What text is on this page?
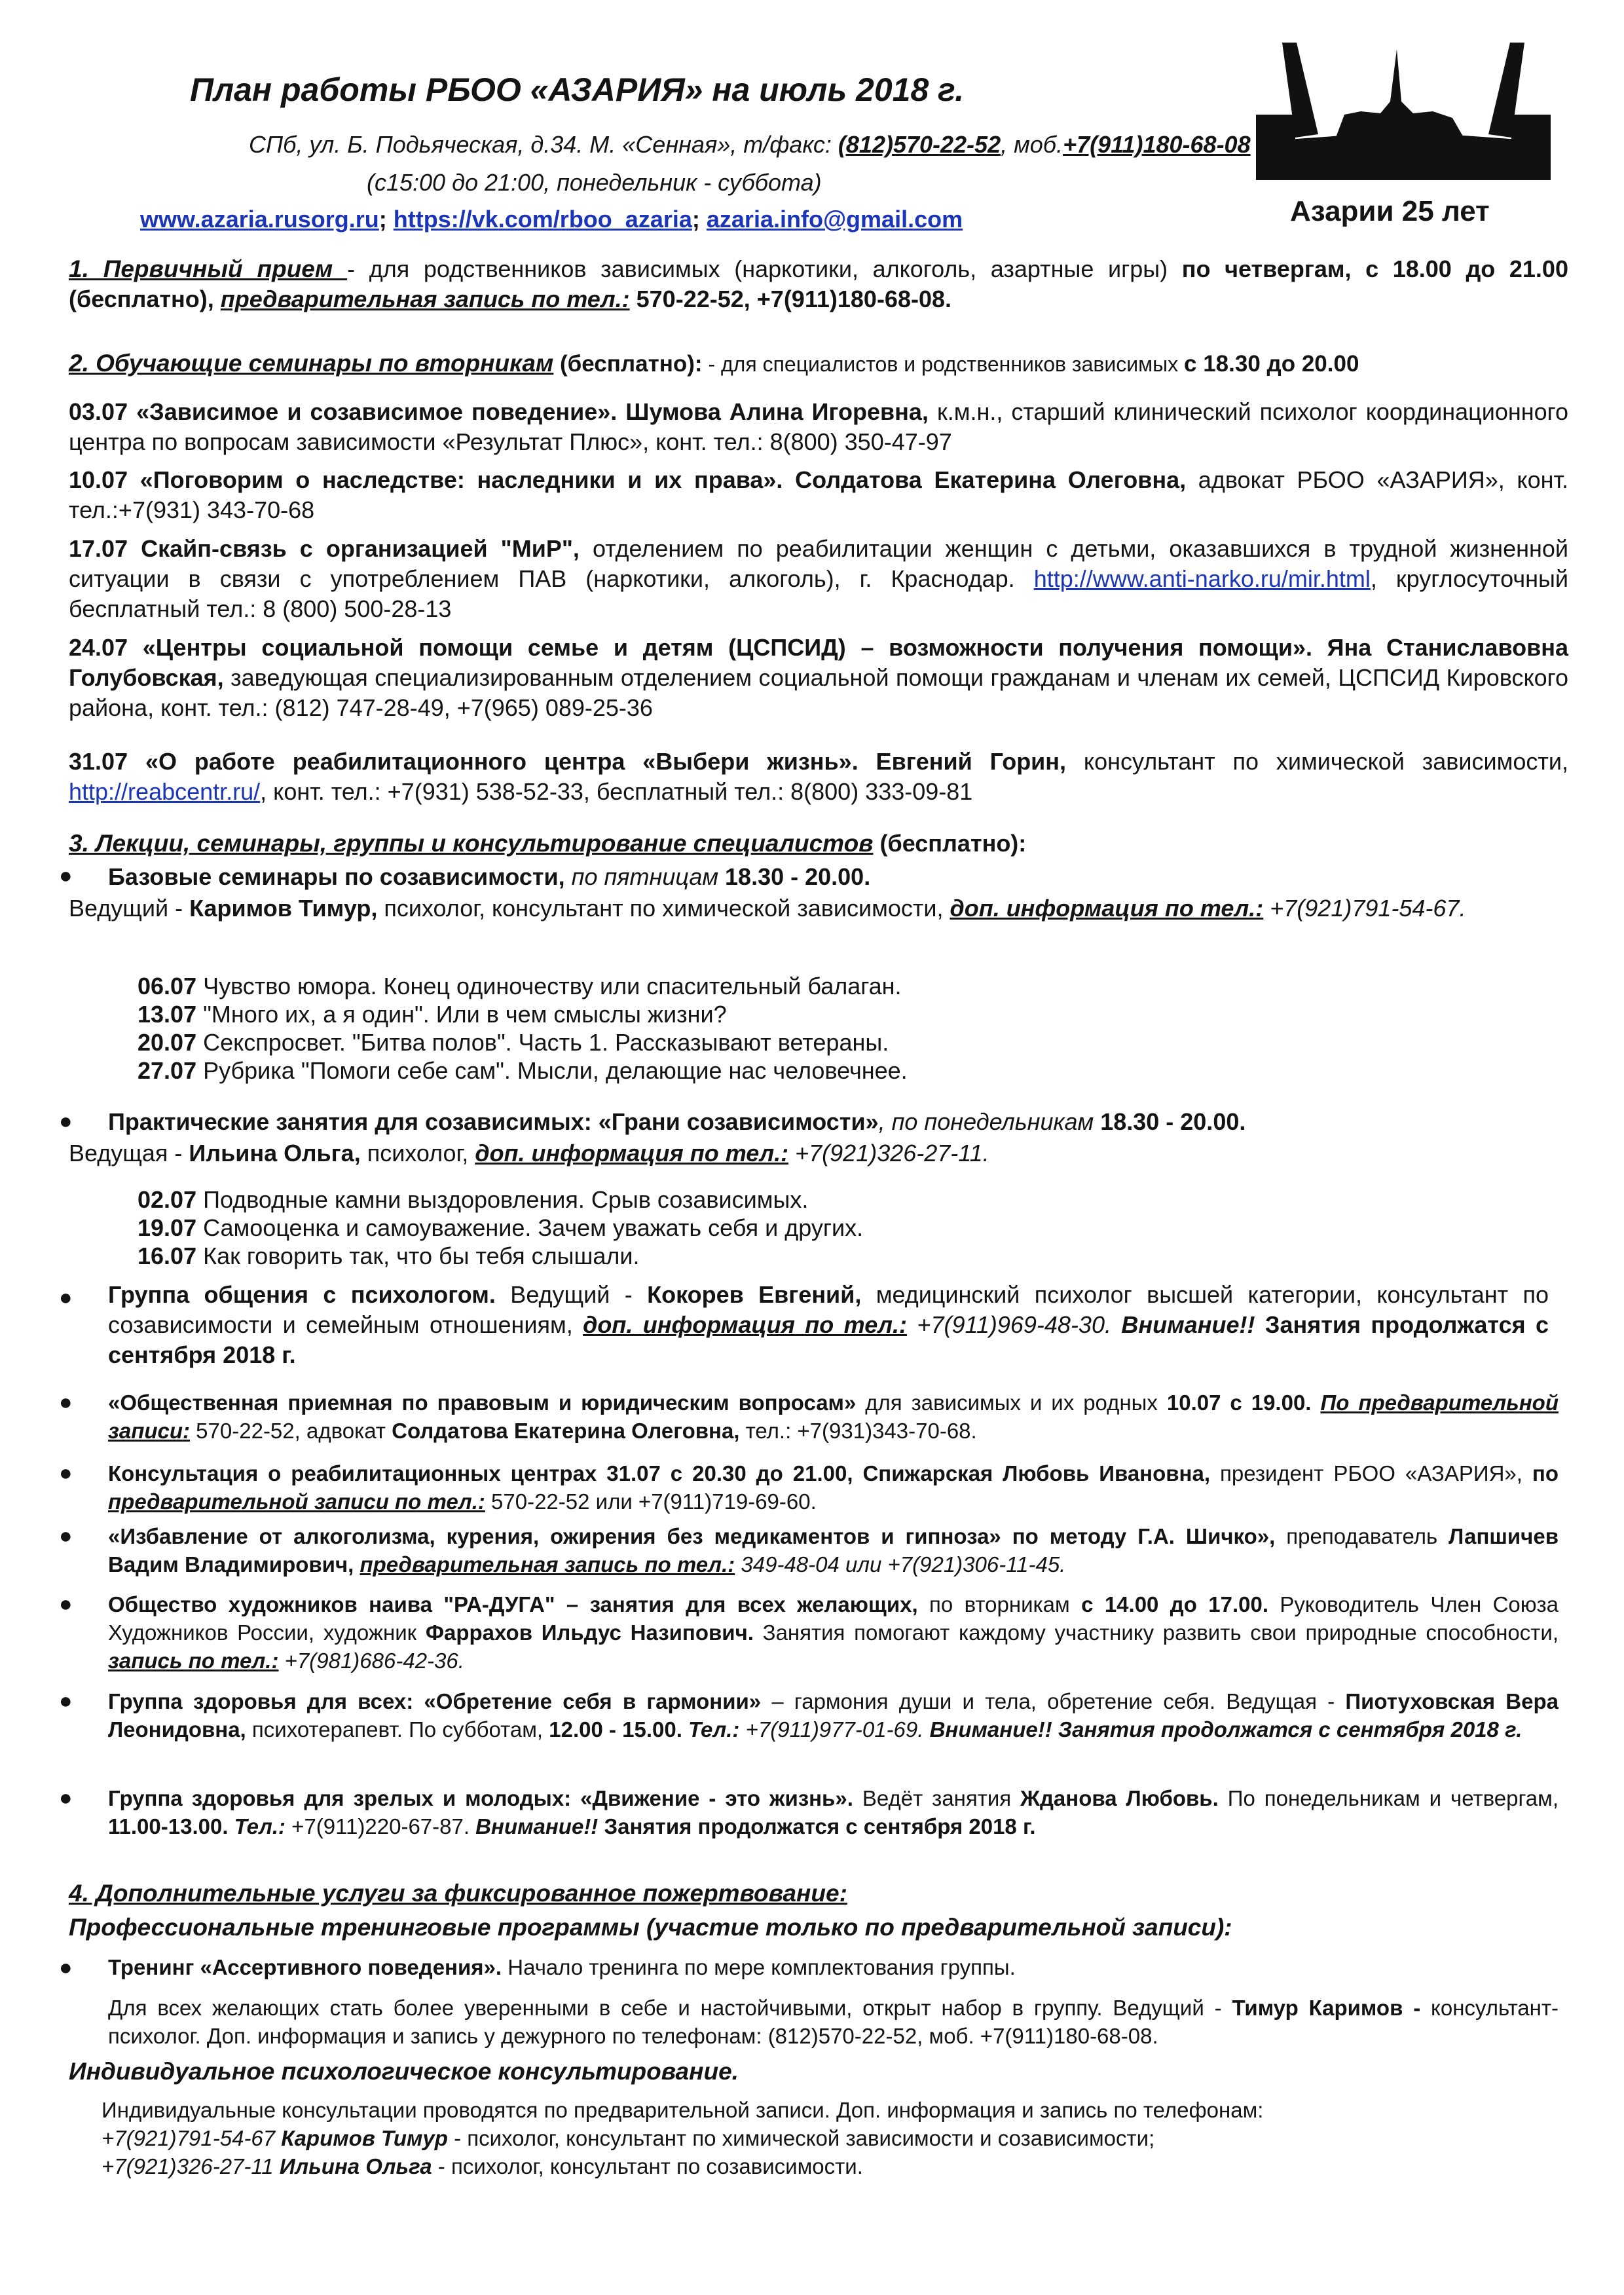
План работы РБОО «АЗАРИЯ» на июль 2018 г.
СПб, ул. Б. Подьяческая, д.34. М. «Сенная», т/факс: (812)570-22-52, моб.+7(911)180-68-08
(с15:00 до 21:00, понедельник - суббота)
www.azaria.rusorg.ru; https://vk.com/rboo_azaria; azaria.info@gmail.com	Азарии 25 лет
1. Первичный прием - для родственников зависимых (наркотики, алкоголь, азартные игры) по четвергам, с 18.00 до 21.00 (бесплатно), предварительная запись по тел.: 570-22-52, +7(911)180-68-08.
2. Обучающие семинары по вторникам (бесплатно): - для специалистов и родственников зависимых с 18.30 до 20.00
03.07 «Зависимое и созависимое поведение». Шумова Алина Игоревна, к.м.н., старший клинический психолог координационного центра по вопросам зависимости «Результат Плюс», конт. тел.: 8(800) 350-47-97
10.07 «Поговорим о наследстве: наследники и их права». Солдатова Екатерина Олеговна, адвокат РБОО «АЗАРИЯ», конт. тел.:+7(931) 343-70-68
17.07 Скайп-связь с организацией "МиР", отделением по реабилитации женщин с детьми, оказавшихся в трудной жизненной ситуации в связи с употреблением ПАВ (наркотики, алкоголь), г. Краснодар. http://www.anti-narko.ru/mir.html, круглосуточный бесплатный тел.: 8 (800) 500-28-13
24.07 «Центры социальной помощи семье и детям (ЦСПСИД) – возможности получения помощи». Яна Станиславовна Голубовская, заведующая специализированным отделением социальной помощи гражданам и членам их семей, ЦСПСИД Кировского района, конт. тел.: (812) 747-28-49, +7(965) 089-25-36
31.07 «О работе реабилитационного центра «Выбери жизнь». Евгений Горин, консультант по химической зависимости, http://reabcentr.ru/, конт. тел.: +7(931) 538-52-33, бесплатный тел.: 8(800) 333-09-81
3. Лекции, семинары, группы и консультирование специалистов (бесплатно):
● Базовые семинары по созависимости, по пятницам 18.30 - 20.00.
Ведущий - Каримов Тимур, психолог, консультант по химической зависимости, доп. информация по тел.: +7(921)791-54-67.
06.07 Чувство юмора. Конец одиночеству или спасительный балаган.
13.07 "Много их, а я один". Или в чем смыслы жизни?
20.07 Секспросвет. "Битва полов". Часть 1. Рассказывают ветераны.
27.07 Рубрика "Помоги себе сам". Мысли, делающие нас человечнее.
● Практические занятия для созависимых: «Грани созависимости», по понедельникам 18.30 - 20.00.
Ведущая - Ильина Ольга, психолог, доп. информация по тел.: +7(921)326-27-11.
02.07 Подводные камни выздоровления. Срыв созависимых.
19.07 Самооценка и самоуважение. Зачем уважать себя и других.
16.07 Как говорить так, что бы тебя слышали.
● Группа общения с психологом. Ведущий - Кокорев Евгений, медицинский психолог высшей категории, консультант по созависимости и семейным отношениям, доп. информация по тел.: +7(911)969-48-30. Внимание!! Занятия продолжатся с сентября 2018 г.
● «Общественная приемная по правовым и юридическим вопросам» для зависимых и их родных 10.07 с 19.00. По предварительной записи: 570-22-52, адвокат Солдатова Екатерина Олеговна, тел.: +7(931)343-70-68.
● Консультация о реабилитационных центрах 31.07 с 20.30 до 21.00, Спижарская Любовь Ивановна, президент РБОО «АЗАРИЯ», по предварительной записи по тел.: 570-22-52 или +7(911)719-69-60.
● «Избавление от алкоголизма, курения, ожирения без медикаментов и гипноза» по методу Г.А. Шичко», преподаватель Лапшичев Вадим Владимирович, предварительная запись по тел.: 349-48-04 или +7(921)306-11-45.
● Общество художников наива "РА-ДУГА" – занятия для всех желающих, по вторникам с 14.00 до 17.00. Руководитель Член Союза Художников России, художник Фаррахов Ильдус Назипович. Занятия помогают каждому участнику развить свои природные способности, запись по тел.: +7(981)686-42-36.
● Группа здоровья для всех: «Обретение себя в гармонии» – гармония души и тела, обретение себя. Ведущая - Пиотуховская Вера Леонидовна, психотерапевт. По субботам, 12.00 - 15.00. Тел.: +7(911)977-01-69. Внимание!! Занятия продолжатся с сентября 2018 г.
● Группа здоровья для зрелых и молодых: «Движение - это жизнь». Ведёт занятия Жданова Любовь. По понедельникам и четвергам, 11.00-13.00. Тел.: +7(911)220-67-87. Внимание!! Занятия продолжатся с сентября 2018 г.
4. Дополнительные услуги за фиксированное пожертвование:
Профессиональные тренинговые программы (участие только по предварительной записи):
● Тренинг «Ассертивного поведения». Начало тренинга по мере комплектования группы.
Для всех желающих стать более уверенными в себе и настойчивыми, открыт набор в группу. Ведущий - Тимур Каримов - консультант-психолог. Доп. информация и запись у дежурного по телефонам: (812)570-22-52, моб. +7(911)180-68-08.
Индивидуальное психологическое консультирование.
Индивидуальные консультации проводятся по предварительной записи. Доп. информация и запись по телефонам:
+7(921)791-54-67 Каримов Тимур - психолог, консультант по химической зависимости и созависимости;
+7(921)326-27-11 Ильина Ольга - психолог, консультант по созависимости.
